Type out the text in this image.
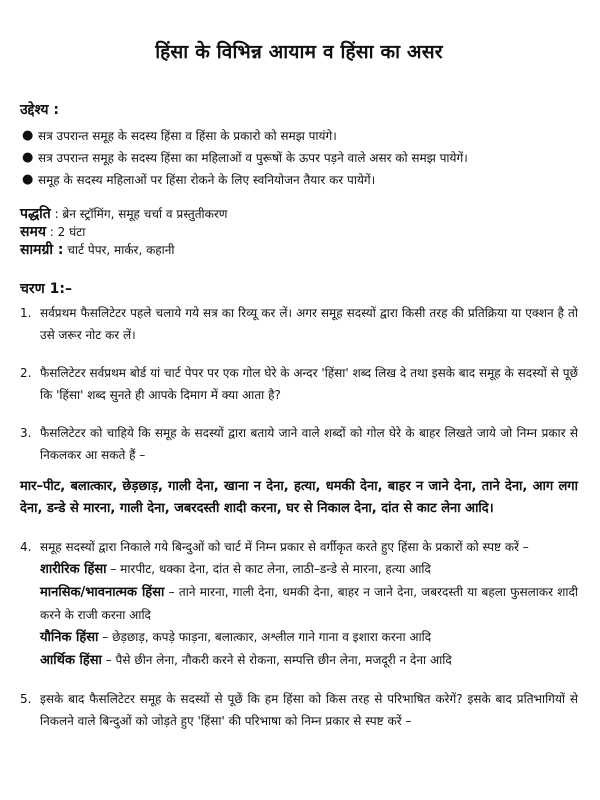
हिंसा के विभिन्न आयाम व हिंसा का असर
उद्देश्य :
● सत्र उपरान्त समूह के सदस्य हिंसा व हिंसा के प्रकारो को समझ पायंगे।
● सत्र उपरान्त समूह के सदस्य हिंसा का महिलाओं व पुरूषों के ऊपर पड़ने वाले असर को समझ पायेगें।
● समूह के सदस्य महिलाओं पर हिंसा रोकने के लिए स्वनियोजन तैयार कर पायेगें।
पद्धति : ब्रेन स्ट्रॉमिंग, समूह चर्चा व प्रस्तुतीकरण
समय : 2 घंटा
सामग्री : चार्ट पेपर, मार्कर, कहानी
चरण 1:–
1. सर्वप्रथम फैसलिटेटर पहले चलाये गये सत्र का रिव्यू कर लें। अगर समूह सदस्यों द्वारा किसी तरह की प्रतिक्रिया या एक्शन है तो उसे जरूर नोट कर लें।
2. फैसलिटेटर सर्वप्रथम बोर्ड यां चार्ट पेपर पर एक गोल घेरे के अन्दर 'हिंसा' शब्द लिख दे तथा इसके बाद समूह के सदस्यों से पूछें कि 'हिंसा' शब्द सुनते ही आपके दिमाग में क्या आता है?
3. फैसलिटेटर को चाहिये कि समूह के सदस्यों द्वारा बताये जाने वाले शब्दों को गोल घेरे के बाहर लिखते जाये जो निम्न प्रकार से निकलकर आ सकते हैं –
मार–पीट, बलात्कार, छेड़छाड़, गाली देना, खाना न देना, हत्या, धमकी देना, बाहर न जाने देना, ताने देना, आग लगा देना, डन्डे से मारना, गाली देना, जबरदस्ती शादी करना, घर से निकाल देना, दांत से काट लेना आदि।
4. समूह सदस्यों द्वारा निकाले गये बिन्दुओं को चार्ट में निम्न प्रकार से वर्गीकृत करते हुए हिंसा के प्रकारों को स्पष्ट करें –
शारीरिक हिंसा – मारपीट, धक्का देना, दांत से काट लेना, लाठी–डन्डे से मारना, हत्या आदि
मानसिक/भावनात्मक हिंसा – ताने मारना, गाली देना, धमकी देना, बाहर न जाने देना, जबरदस्ती या बहला फुसलाकर शादी करने के राजी करना आदि
यौनिक हिंसा – छेड़छाड़, कपड़े फाड़ना, बलात्कार, अश्लील गाने गाना व इशारा करना आदि
आर्थिक हिंसा – पैसे छीन लेना, नौकरी करने से रोकना, सम्पत्ति छीन लेना, मजदूरी न देना आदि
5. इसके बाद फैसलिटेटर समूह के सदस्यों से पूछें कि हम हिंसा को किस तरह से परिभाषित करेगें? इसके बाद प्रतिभागियों से निकलने वाले बिन्दुओं को जोड़ते हुए 'हिंसा' की परिभाषा को निम्न प्रकार से स्पष्ट करें –
